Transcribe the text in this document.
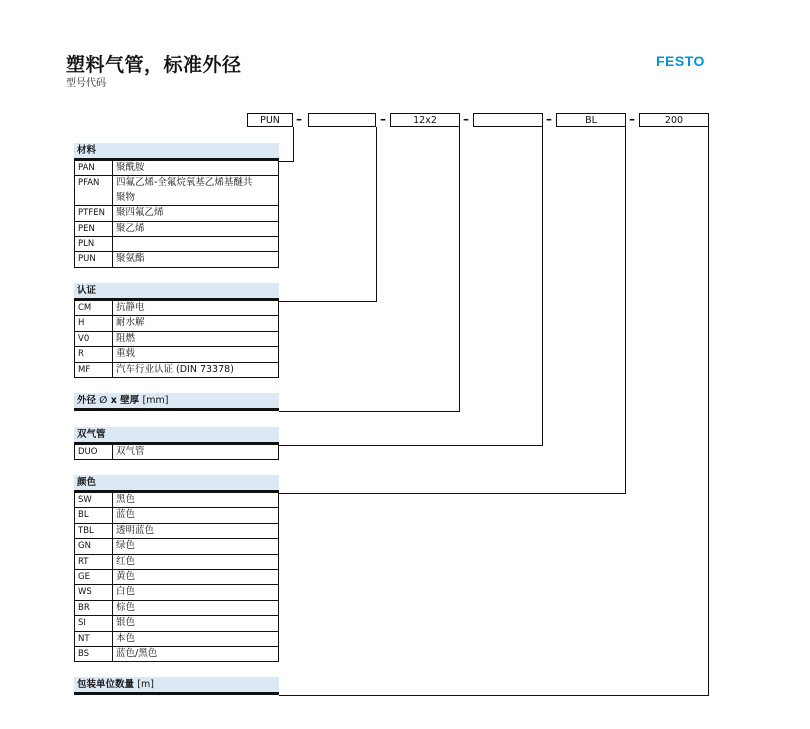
塑料气管，标准外径
型号代码
FESTO
PUN	–	–	12x2	–	–	BL	–	200
材料
PAN	聚酰胺
PFAN	四氟乙烯-全氟烷氧基乙烯基醚共
聚物
PTFEN	聚四氟乙烯
PEN	聚乙烯
PLN
PUN	聚氨酯
认证
CM	抗静电
H	耐水解
V0	阻燃
R	重载
MF	汽车行业认证 (DIN 73378)
外径 ∅ x 壁厚 [mm]
双气管
DUO	双气管
颜色
SW	黑色
BL	蓝色
TBL	透明蓝色
GN	绿色
RT	红色
GE	黄色
WS	白色
BR	棕色
SI	银色
NT	本色
BS	蓝色/黑色
包装单位数量 [m]
